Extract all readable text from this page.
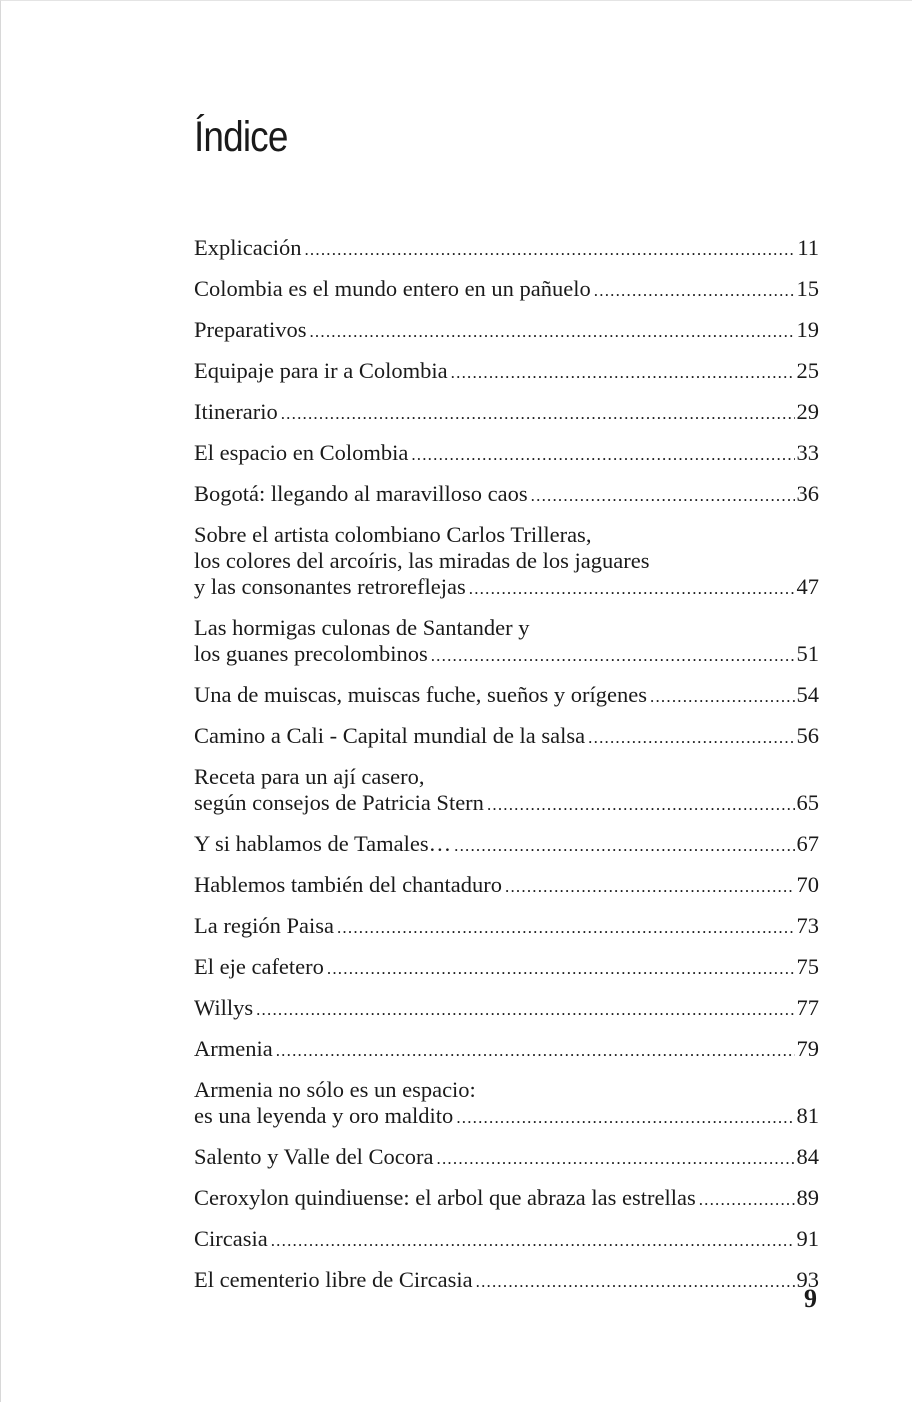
Índice
Explicación .....	11
Colombia es el mundo entero en un pañuelo .....	15
Preparativos .....	19
Equipaje para ir a Colombia .....	25
Itinerario .....	29
El espacio en Colombia .....	33
Bogotá: llegando al maravilloso caos .....	36
Sobre el artista colombiano Carlos Trilleras,
los colores del arcoíris, las miradas de los jaguares
y las consonantes retroreflejas .....	47
Las hormigas culonas de Santander y
los guanes precolombinos .....	51
Una de muiscas, muiscas fuche, sueños y orígenes .....	54
Camino a Cali - Capital mundial de la salsa .....	56
Receta para un ají casero,
según consejos de Patricia Stern .....	65
Y si hablamos de Tamales… .....	67
Hablemos también del chantaduro .....	70
La región Paisa .....	73
El eje cafetero .....	75
Willys .....	77
Armenia .....	79
Armenia no sólo es un espacio:
es una leyenda y oro maldito .....	81
Salento y Valle del Cocora .....	84
Ceroxylon quindiuense: el arbol que abraza las estrellas .....	89
Circasia .....	91
El cementerio libre de Circasia .....	93
9
